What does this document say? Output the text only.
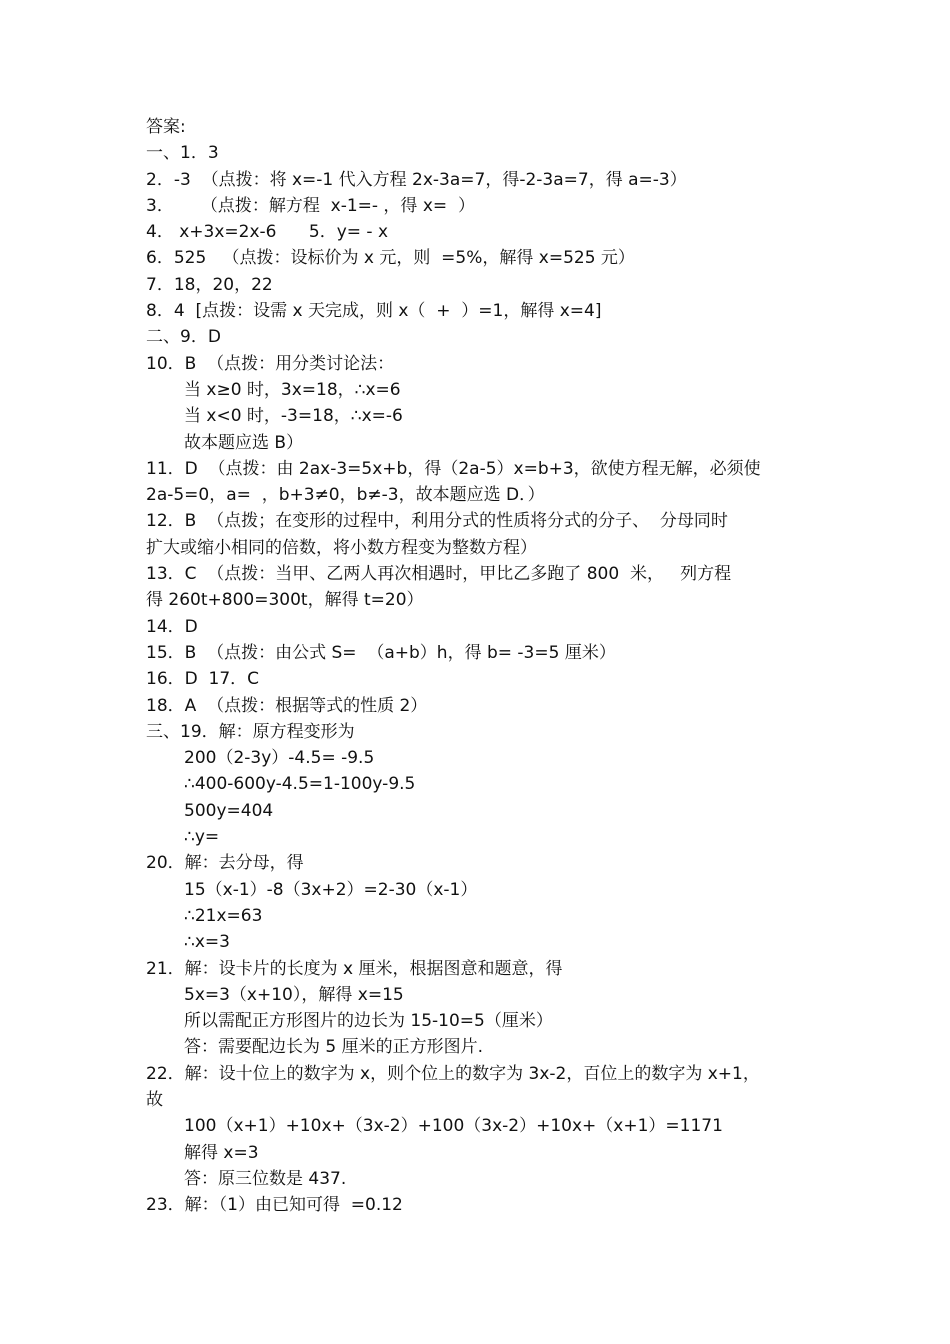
答案:
一、1．3
2．-3  （点拨：将 x=-1 代入方程 2x-3a=7，得-2-3a=7，得 a=-3）
3．     （点拨：解方程  x-1=- ，得 x=  ）
4． x+3x=2x-6      5．y= - x
6．525   （点拨：设标价为 x 元，则  =5%，解得 x=525 元）
7．18，20，22
8．4  [点拨：设需 x 天完成，则 x（  +  ）=1，解得 x=4]
二、9．D
10．B  （点拨：用分类讨论法：
当 x≥0 时，3x=18，∴x=6
当 x<0 时，-3=18，∴x=-6
故本题应选 B）
11．D  （点拨：由 2ax-3=5x+b，得（2a-5）x=b+3，欲使方程无解，必须使
2a-5=0，a=  ，b+3≠0，b≠-3，故本题应选 D．）
12．B  （点拨；在变形的过程中，利用分式的性质将分式的分子、  分母同时
扩大或缩小相同的倍数，将小数方程变为整数方程）
13．C  （点拨：当甲、乙两人再次相遇时，甲比乙多跑了 800  米，   列方程
得 260t+800=300t，解得 t=20）
14．D
15．B  （点拨：由公式 S=  （a+b）h，得 b= -3=5 厘米）
16．D  17．C
18．A  （点拨：根据等式的性质 2）
三、19．解：原方程变形为
200（2-3y）-4.5= -9.5
∴400-600y-4.5=1-100y-9.5
500y=404
∴y=
20．解：去分母，得
15（x-1）-8（3x+2）=2-30（x-1）
∴21x=63
∴x=3
21．解：设卡片的长度为 x 厘米，根据图意和题意，得
5x=3（x+10），解得 x=15
所以需配正方形图片的边长为 15-10=5（厘米）
答：需要配边长为 5 厘米的正方形图片.
22．解：设十位上的数字为 x，则个位上的数字为 3x-2，百位上的数字为 x+1，
故
100（x+1）+10x+（3x-2）+100（3x-2）+10x+（x+1）=1171
解得 x=3
答：原三位数是 437.
23．解：（1）由已知可得  =0.12
